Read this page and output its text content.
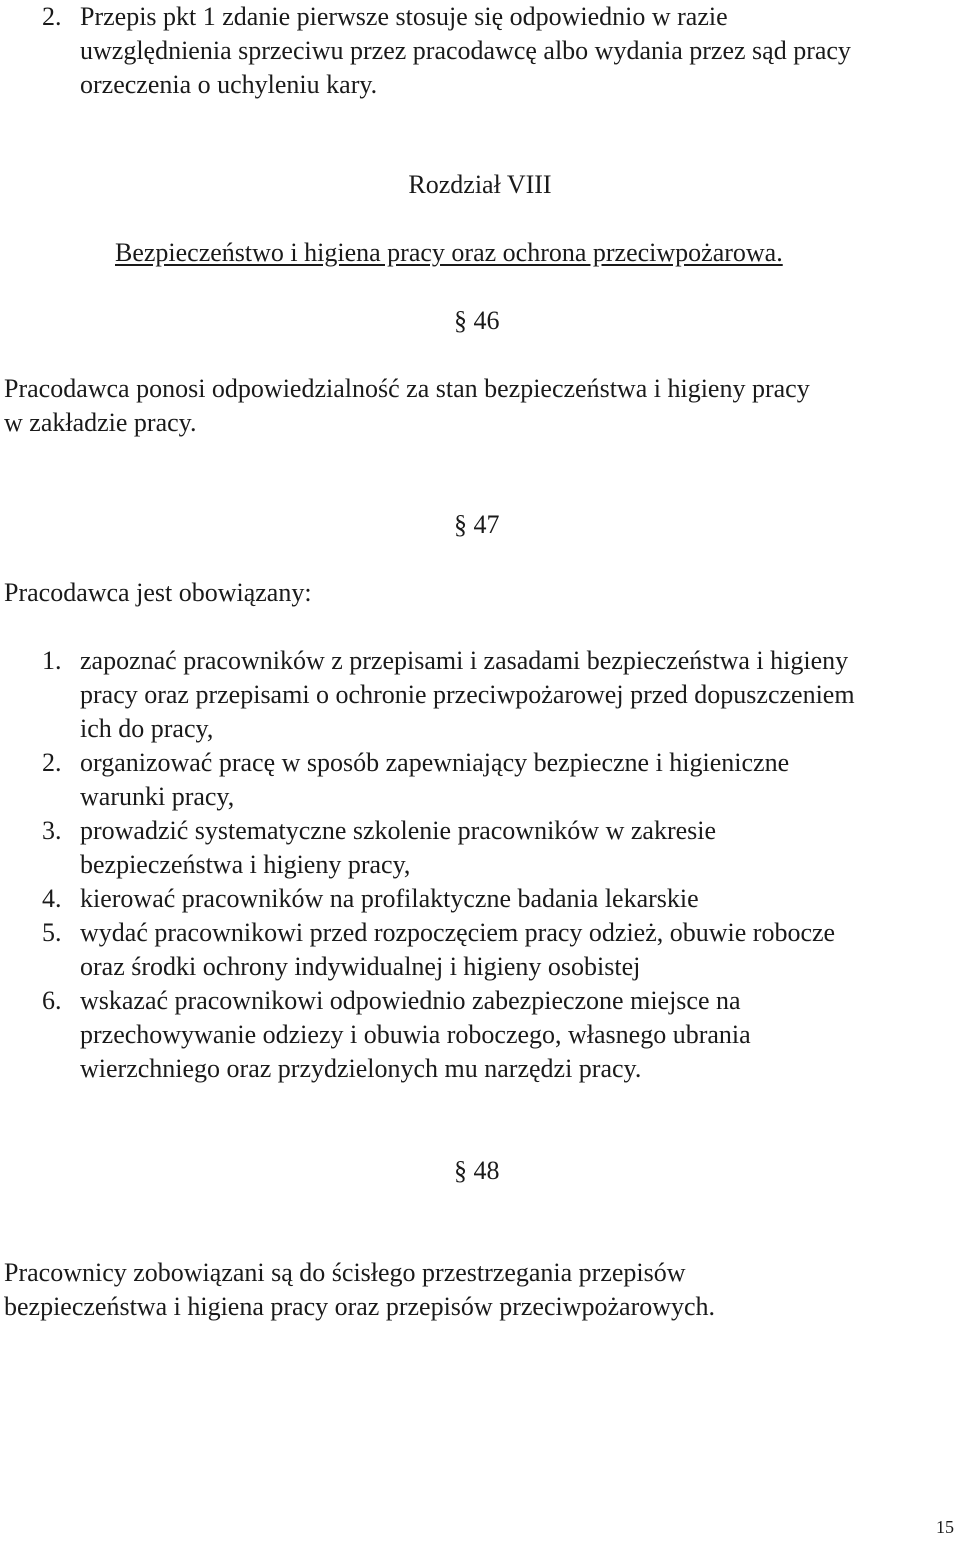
2. Przepis pkt 1 zdanie pierwsze stosuje się odpowiednio w razie
uwzględnienia sprzeciwu przez pracodawcę albo wydania przez sąd pracy
orzeczenia o uchyleniu kary.
Rozdział VIII
Bezpieczeństwo i higiena pracy oraz ochrona przeciwpożarowa.
§ 46
Pracodawca ponosi odpowiedzialność za stan bezpieczeństwa i higieny pracy
w zakładzie pracy.
§ 47
Pracodawca jest obowiązany:
1. zapoznać pracowników z przepisami i zasadami bezpieczeństwa i higieny
pracy oraz przepisami o ochronie przeciwpożarowej przed dopuszczeniem
ich do pracy,
2. organizować pracę w sposób zapewniający bezpieczne i higieniczne
warunki pracy,
3. prowadzić systematyczne szkolenie pracowników w zakresie
bezpieczeństwa i higieny pracy,
4. kierować pracowników na profilaktyczne badania lekarskie
5. wydać pracownikowi przed rozpoczęciem pracy odzież, obuwie robocze
oraz środki ochrony indywidualnej i higieny osobistej
6. wskazać pracownikowi odpowiednio zabezpieczone miejsce na
przechowywanie odziezy i obuwia roboczego, własnego ubrania
wierzchniego oraz przydzielonych mu narzędzi pracy.
§ 48
Pracownicy zobowiązani są do ścisłego przestrzegania przepisów
bezpieczeństwa i higiena pracy oraz przepisów przeciwpożarowych.
15
